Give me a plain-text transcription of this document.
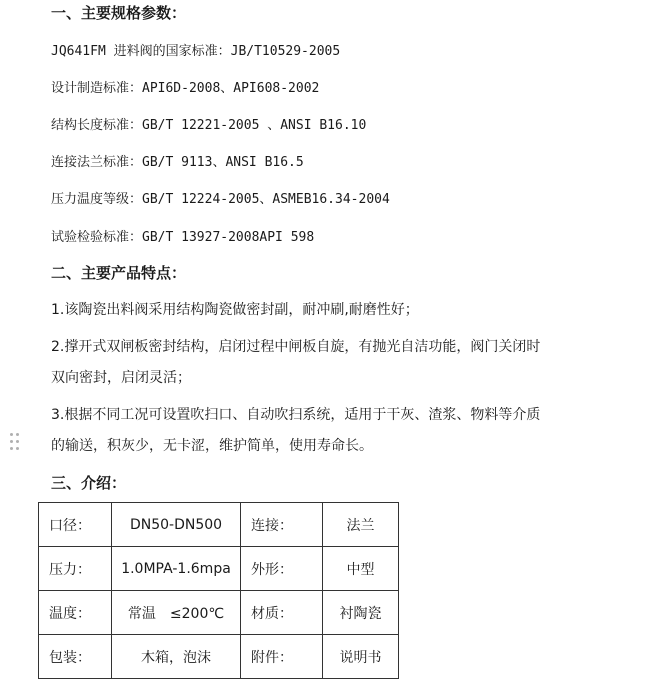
一、主要规格参数：
JQ641FM 进料阀的国家标准：JB/T10529-2005
设计制造标准：API6D-2008、API608-2002
结构长度标准：GB/T 12221-2005 、ANSI B16.10
连接法兰标准：GB/T 9113、ANSI B16.5
压力温度等级：GB/T 12224-2005、ASMEB16.34-2004
试验检验标准：GB/T 13927-2008API 598
二、主要产品特点：
1.该陶瓷出料阀采用结构陶瓷做密封副，耐冲刷,耐磨性好；
2.撑开式双闸板密封结构，启闭过程中闸板自旋，有抛光自洁功能，阀门关闭时
双向密封，启闭灵活；
3.根据不同工况可设置吹扫口、自动吹扫系统，适用于干灰、渣浆、物料等介质
的输送，积灰少，无卡涩，维护简单，使用寿命长。
三、介绍：
口径：	DN50-DN500	连接：	法兰
压力：	1.0MPA-1.6mpa	外形：	中型
温度：	常温　≤200℃	材质：	衬陶瓷
包装：	木箱，泡沫	附件：	说明书
